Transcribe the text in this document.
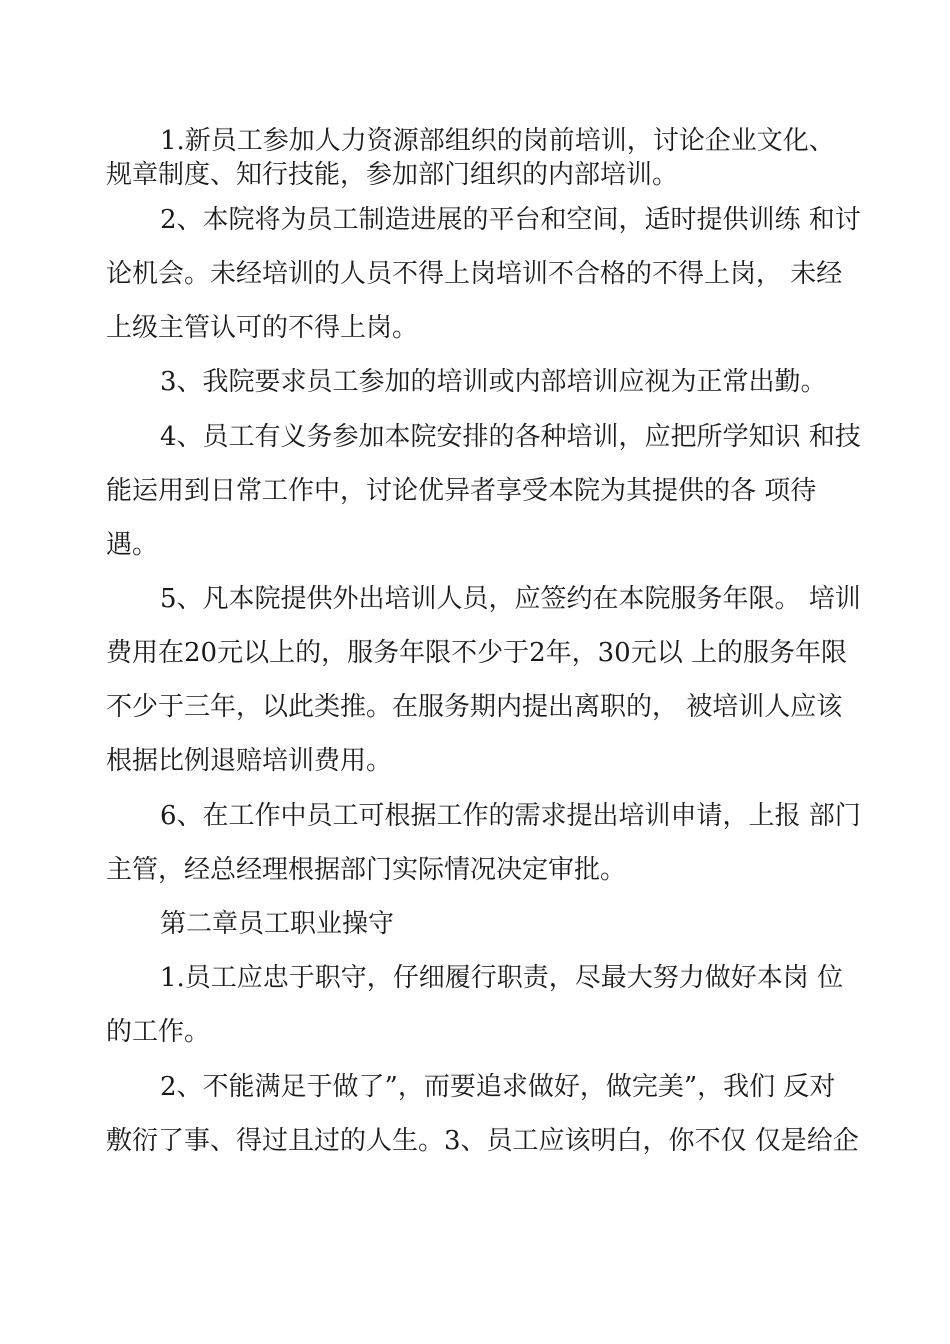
1.新员工参加人力资源部组织的岗前培训，讨论企业文化、

规章制度、知行技能，参加部门组织的内部培训。

2、本院将为员工制造进展的平台和空间，适时提供训练 和讨

论机会。未经培训的人员不得上岗培训不合格的不得上岗， 未经

上级主管认可的不得上岗。

3、我院要求员工参加的培训或内部培训应视为正常出勤。

4、员工有义务参加本院安排的各种培训，应把所学知识 和技

能运用到日常工作中，讨论优异者享受本院为其提供的各 项待

遇。

5、凡本院提供外出培训人员，应签约在本院服务年限。 培训

费用在20元以上的，服务年限不少于2年，30元以 上的服务年限

不少于三年，以此类推。在服务期内提出离职的， 被培训人应该

根据比例退赔培训费用。

6、在工作中员工可根据工作的需求提出培训申请，上报 部门

主管，经总经理根据部门实际情况决定审批。

第二章员工职业操守

1.员工应忠于职守，仔细履行职责，尽最大努力做好本岗 位

的工作。

2、不能满足于做了”，而要追求做好，做完美”，我们 反对

敷衍了事、得过且过的人生。3、员工应该明白，你不仅 仅是给企
